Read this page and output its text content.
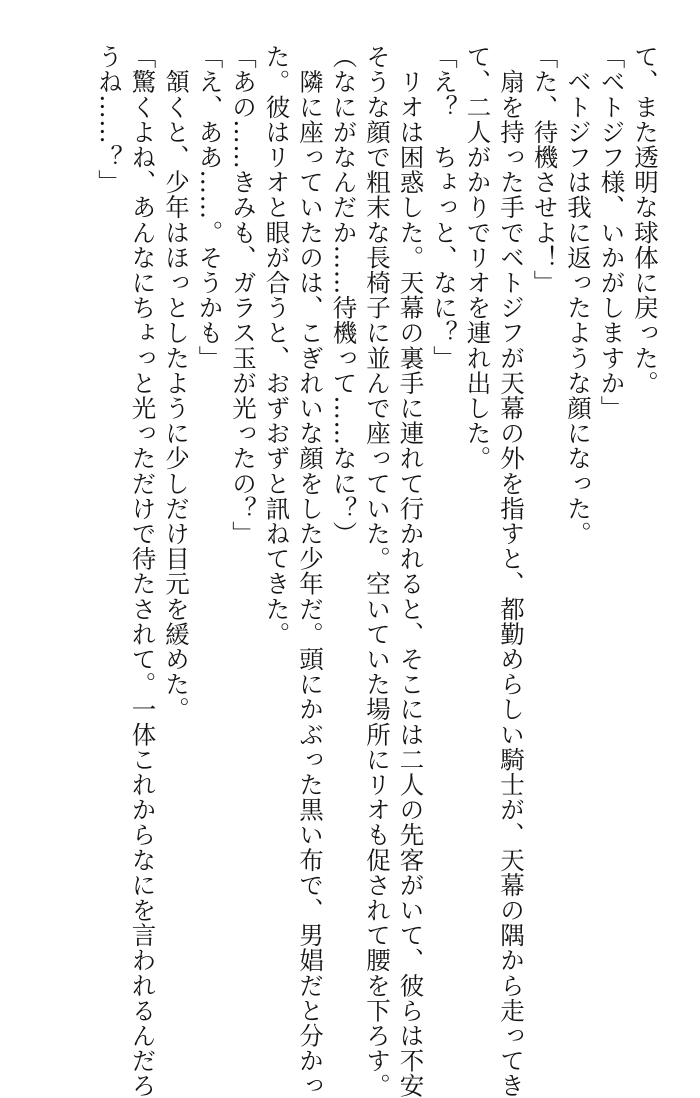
て、また透明な球体に戻った。
「ベトジフ様、いかがしますか」
　ベトジフは我に返ったような顔になった。
「た、待機させよ！」
　扇を持った手でベトジフが天幕の外を指すと、都勤めらしい騎士が、天幕の隅から走ってき
て、二人がかりでリオを連れ出した。
「え？　ちょっと、なに？」
　リオは困惑した。天幕の裏手に連れて行かれると、そこには二人の先客がいて、彼らは不安
そうな顔で粗末な長椅子に並んで座っていた。空いていた場所にリオも促されて腰を下ろす。
（なにがなんだか……待機って……なに？）
　隣に座っていたのは、こぎれいな顔をした少年だ。頭にかぶった黒い布で、男娼だと分かっ
た。彼はリオと眼が合うと、おずおずと訊ねてきた。
「あの……きみも、ガラス玉が光ったの？」
「え、ああ……。そうかも」
　頷くと、少年はほっとしたように少しだけ目元を緩めた。
「驚くよね、あんなにちょっと光っただけで待たされて。一体これからなにを言われるんだろ
うね……？」
